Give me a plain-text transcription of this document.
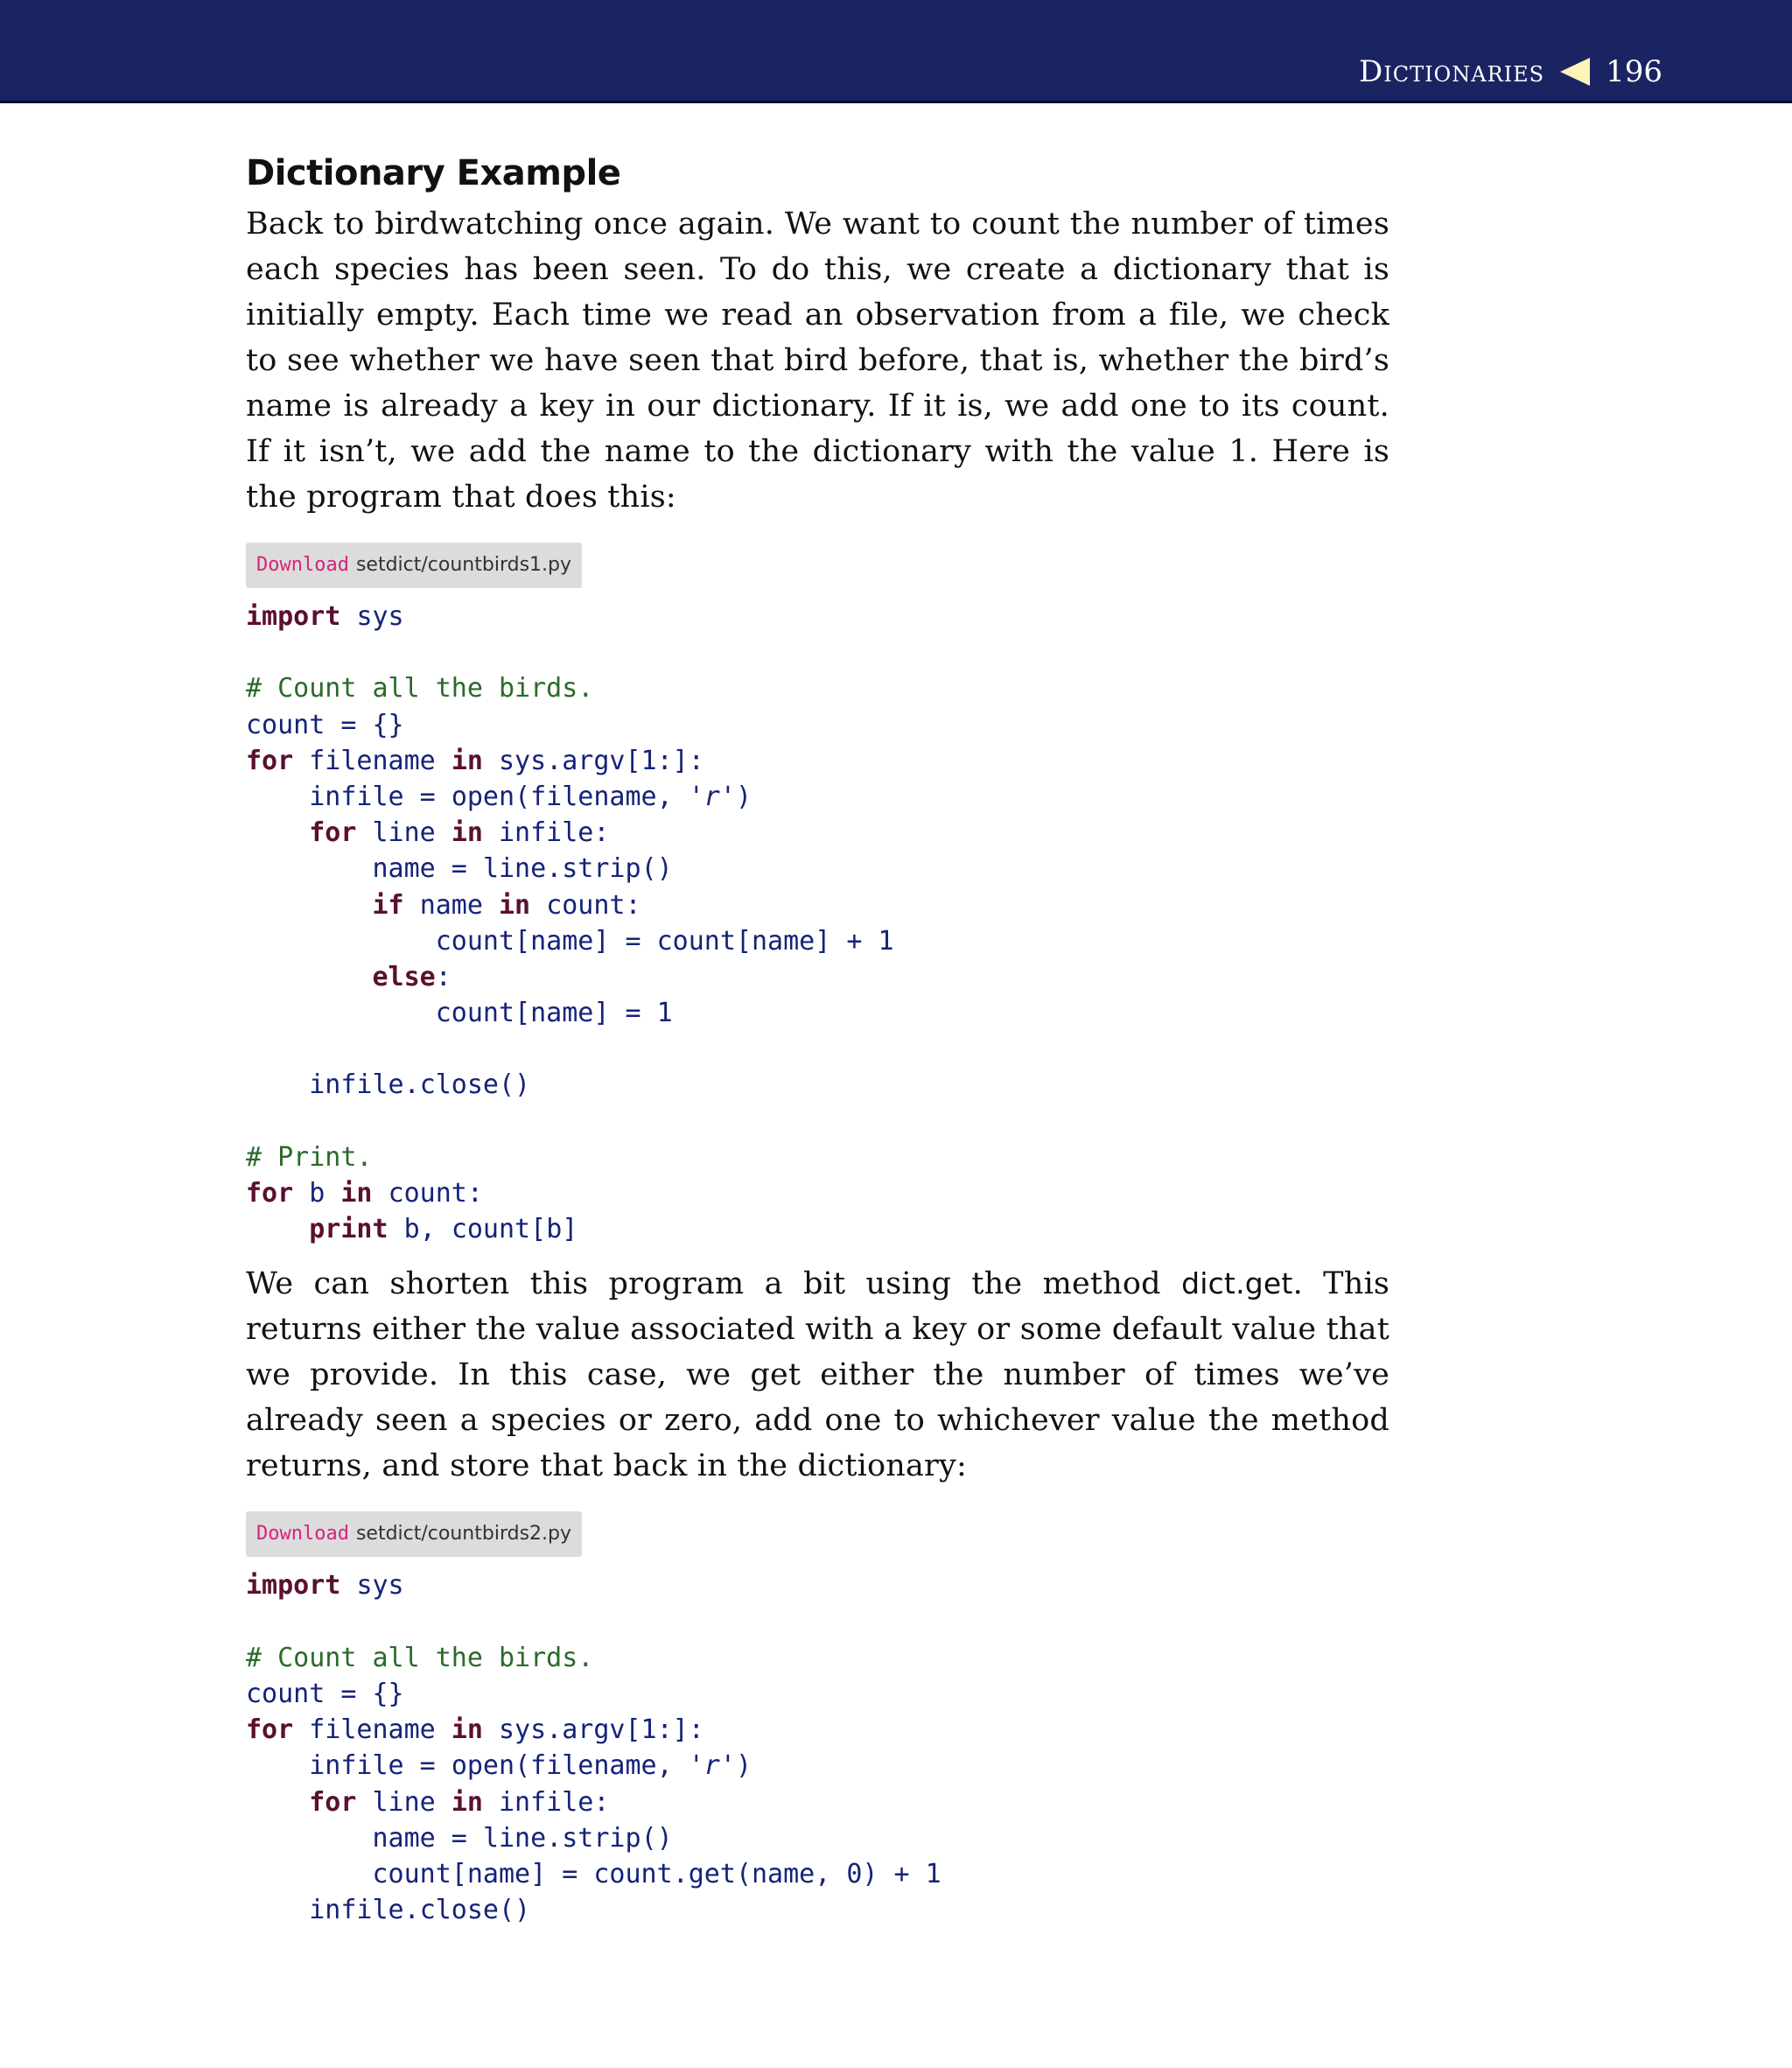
Dictionaries 196
Dictionary Example

Back to birdwatching once again. We want to count the number of times each species has been seen. To do this, we create a dictionary that is initially empty. Each time we read an observation from a file, we check to see whether we have seen that bird before, that is, whether the bird’s name is already a key in our dictionary. If it is, we add one to its count. If it isn’t, we add the name to the dictionary with the value 1. Here is the program that does this:

Download setdict/countbirds1.py
import sys
# Count all the birds.
count = {}
for filename in sys.argv[1:]:
infile = open(filename, 'r')
for line in infile:
name = line.strip()
if name in count:
count[name] = count[name] + 1
else:
count[name] = 1
infile.close()
# Print.
for b in count:
print b, count[b]

We can shorten this program a bit using the method dict.get. This returns either the value associated with a key or some default value that we provide. In this case, we get either the number of times we’ve already seen a species or zero, add one to whichever value the method returns, and store that back in the dictionary:

Download setdict/countbirds2.py
import sys
# Count all the birds.
count = {}
for filename in sys.argv[1:]:
infile = open(filename, 'r')
for line in infile:
name = line.strip()
count[name] = count.get(name, 0) + 1
infile.close()
